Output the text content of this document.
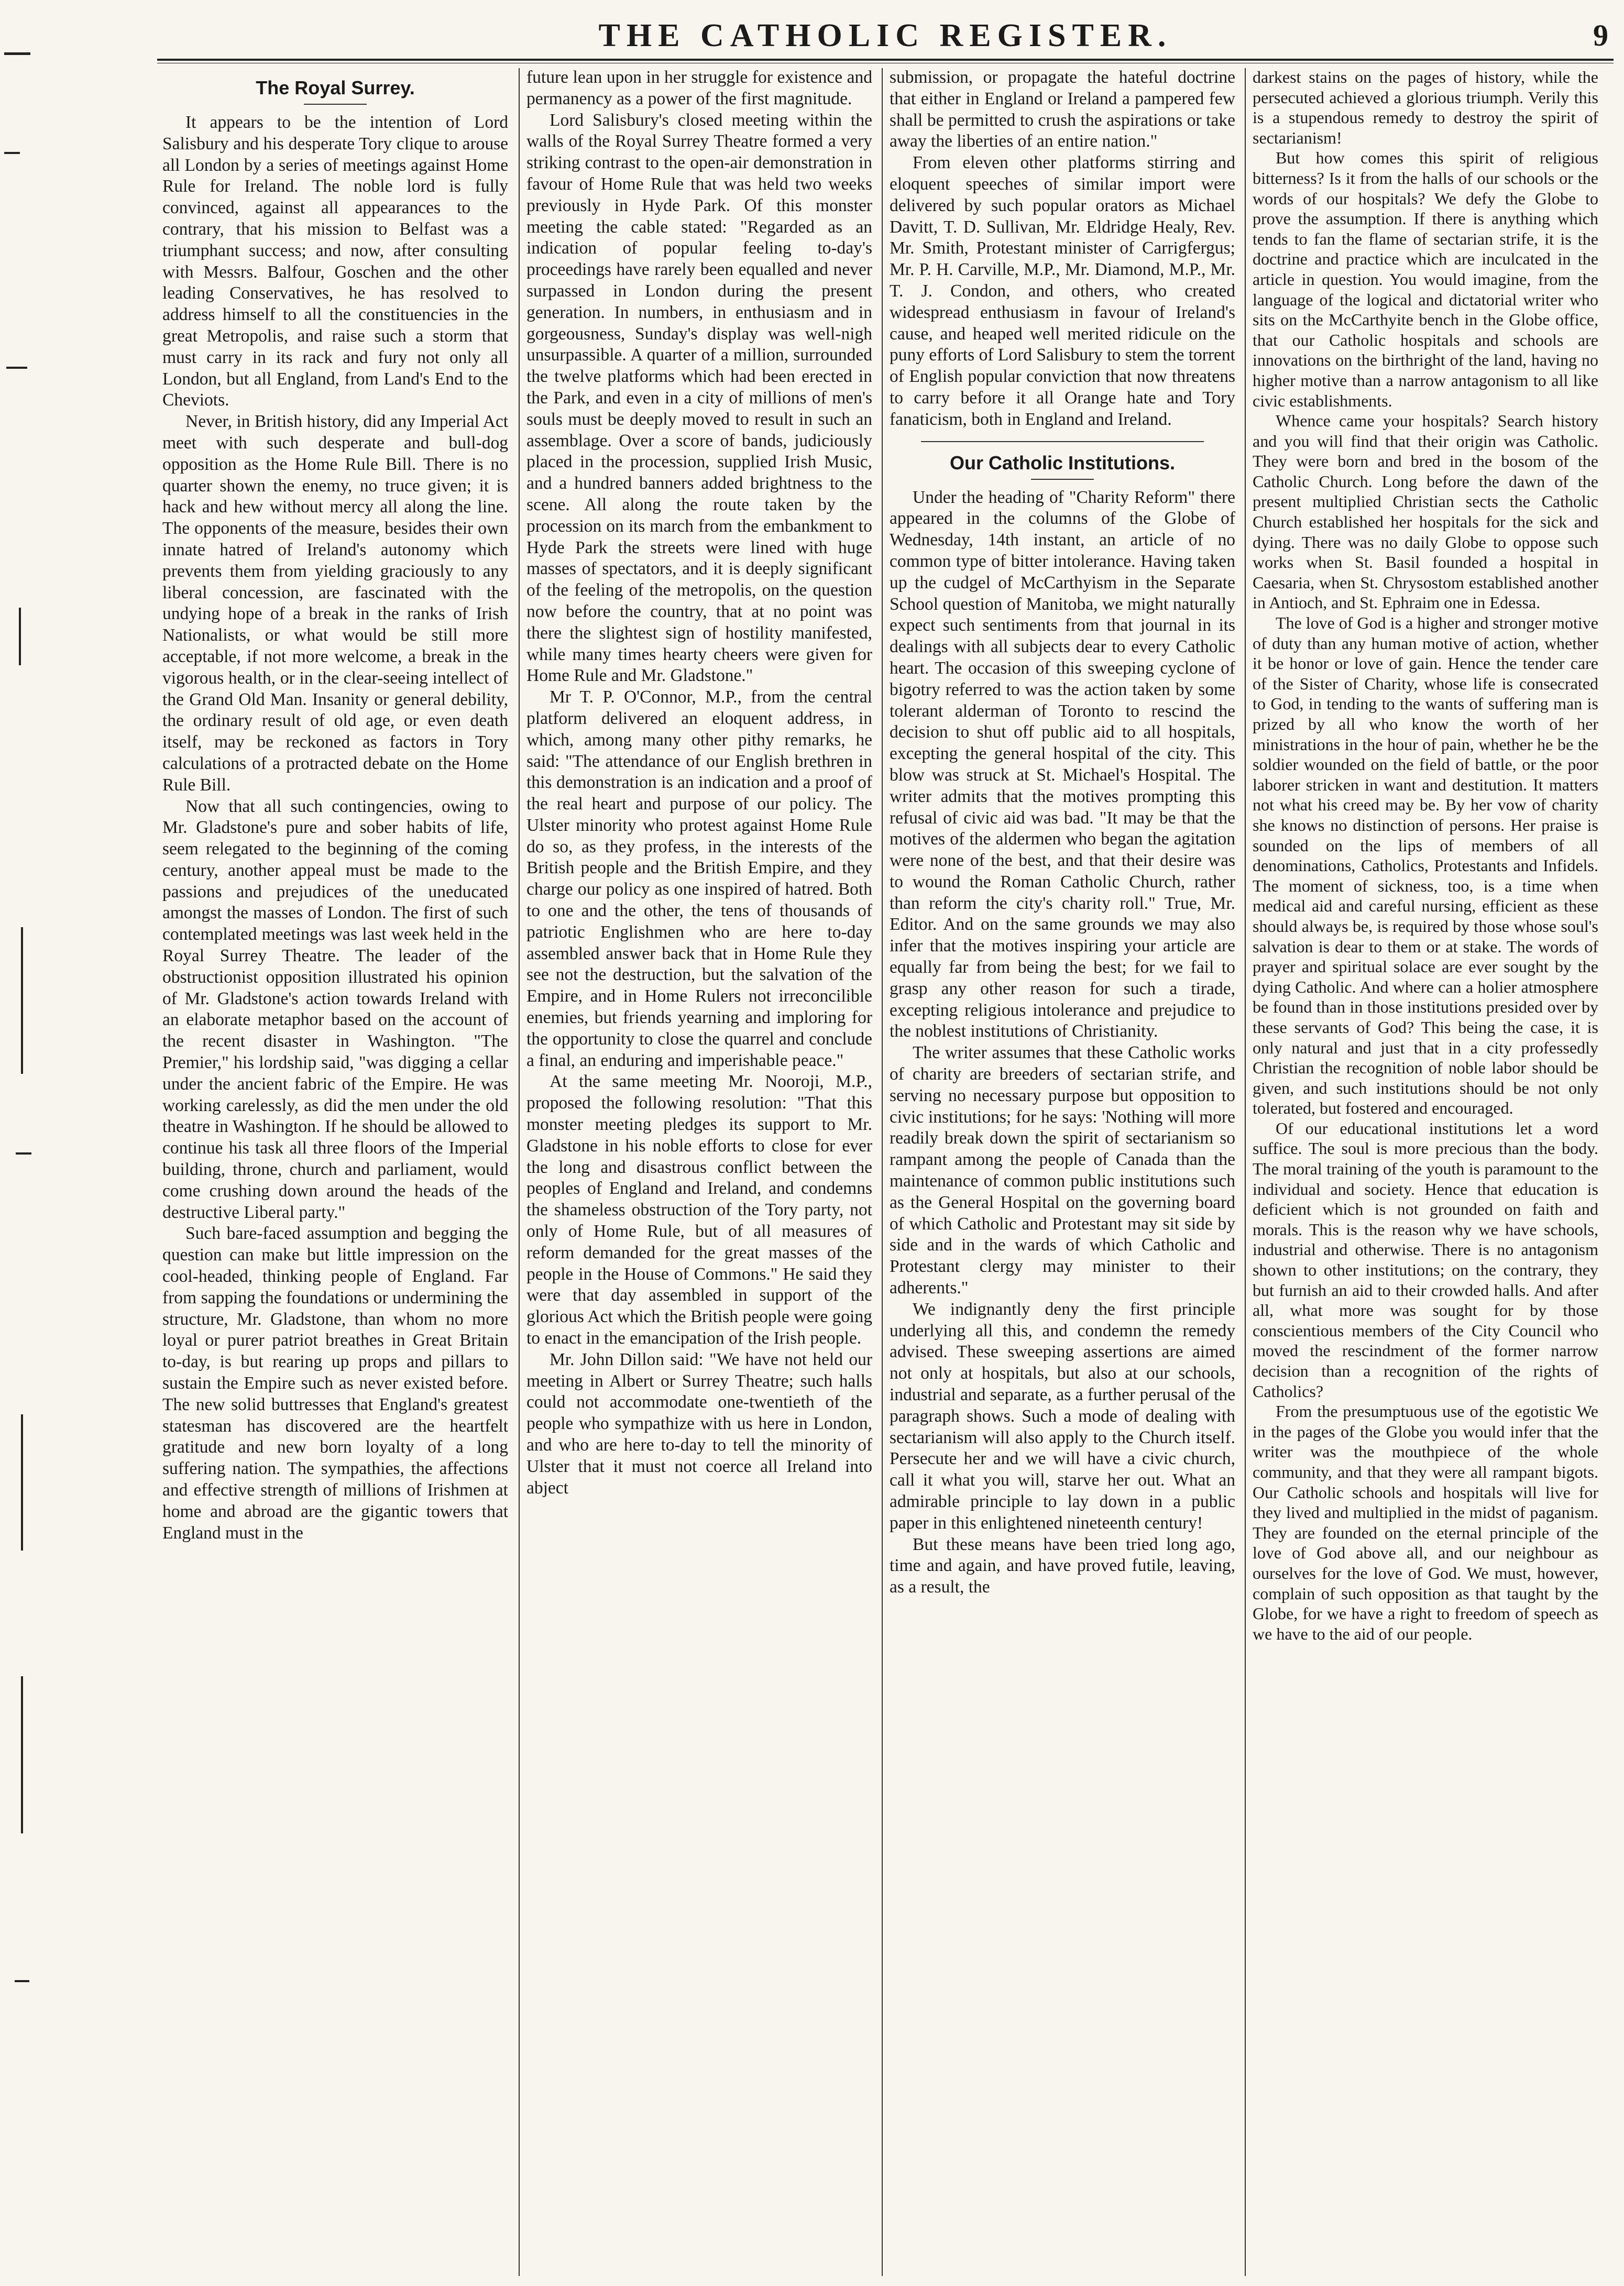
THE CATHOLIC REGISTER.	9
The Royal Surrey.

It appears to be the intention of Lord Salisbury and his desperate Tory clique to arouse all London by a series of meetings against Home Rule for Ireland. The noble lord is fully convinced, against all appearances to the contrary, that his mission to Belfast was a triumphant success; and now, after consulting with Messrs. Balfour, Goschen and the other leading Conservatives, he has resolved to address himself to all the constituencies in the great Metropolis, and raise such a storm that must carry in its rack and fury not only all London, but all England, from Land's End to the Cheviots.

Never, in British history, did any Imperial Act meet with such desperate and bull-dog opposition as the Home Rule Bill. There is no quarter shown the enemy, no truce given; it is hack and hew without mercy all along the line. The opponents of the measure, besides their own innate hatred of Ireland's autonomy which prevents them from yielding graciously to any liberal concession, are fascinated with the undying hope of a break in the ranks of Irish Nationalists, or what would be still more acceptable, if not more welcome, a break in the vigorous health, or in the clear-seeing intellect of the Grand Old Man. Insanity or general debility, the ordinary result of old age, or even death itself, may be reckoned as factors in Tory calculations of a protracted debate on the Home Rule Bill.

Now that all such contingencies, owing to Mr. Gladstone's pure and sober habits of life, seem relegated to the beginning of the coming century, another appeal must be made to the passions and prejudices of the uneducated amongst the masses of London. The first of such contemplated meetings was last week held in the Royal Surrey Theatre. The leader of the obstructionist opposition illustrated his opinion of Mr. Gladstone's action towards Ireland with an elaborate metaphor based on the account of the recent disaster in Washington. "The Premier," his lordship said, "was digging a cellar under the ancient fabric of the Empire. He was working carelessly, as did the men under the old theatre in Washington. If he should be allowed to continue his task all three floors of the Imperial building, throne, church and parliament, would come crushing down around the heads of the destructive Liberal party."

Such bare-faced assumption and begging the question can make but little impression on the cool-headed, thinking people of England. Far from sapping the foundations or undermining the structure, Mr. Gladstone, than whom no more loyal or purer patriot breathes in Great Britain to-day, is but rearing up props and pillars to sustain the Empire such as never existed before. The new solid buttresses that England's greatest statesman has discovered are the heartfelt gratitude and new born loyalty of a long suffering nation. The sympathies, the affections and effective strength of millions of Irishmen at home and abroad are the gigantic towers that England must in the

future lean upon in her struggle for existence and permanency as a power of the first magnitude.

Lord Salisbury's closed meeting within the walls of the Royal Surrey Theatre formed a very striking contrast to the open-air demonstration in favour of Home Rule that was held two weeks previously in Hyde Park. Of this monster meeting the cable stated: "Regarded as an indication of popular feeling to-day's proceedings have rarely been equalled and never surpassed in London during the present generation. In numbers, in enthusiasm and in gorgeousness, Sunday's display was well-nigh unsurpassible. A quarter of a million, surrounded the twelve platforms which had been erected in the Park, and even in a city of millions of men's souls must be deeply moved to result in such an assemblage. Over a score of bands, judiciously placed in the procession, supplied Irish Music, and a hundred banners added brightness to the scene. All along the route taken by the procession on its march from the embankment to Hyde Park the streets were lined with huge masses of spectators, and it is deeply significant of the feeling of the metropolis, on the question now before the country, that at no point was there the slightest sign of hostility manifested, while many times hearty cheers were given for Home Rule and Mr. Gladstone."

Mr T. P. O'Connor, M.P., from the central platform delivered an eloquent address, in which, among many other pithy remarks, he said: "The attendance of our English brethren in this demonstration is an indication and a proof of the real heart and purpose of our policy. The Ulster minority who protest against Home Rule do so, as they profess, in the interests of the British people and the British Empire, and they charge our policy as one inspired of hatred. Both to one and the other, the tens of thousands of patriotic Englishmen who are here to-day assembled answer back that in Home Rule they see not the destruction, but the salvation of the Empire, and in Home Rulers not irreconcilible enemies, but friends yearning and imploring for the opportunity to close the quarrel and conclude a final, an enduring and imperishable peace."

At the same meeting Mr. Nooroji, M.P., proposed the following resolution: "That this monster meeting pledges its support to Mr. Gladstone in his noble efforts to close for ever the long and disastrous conflict between the peoples of England and Ireland, and condemns the shameless obstruction of the Tory party, not only of Home Rule, but of all measures of reform demanded for the great masses of the people in the House of Commons." He said they were that day assembled in support of the glorious Act which the British people were going to enact in the emancipation of the Irish people.

Mr. John Dillon said: "We have not held our meeting in Albert or Surrey Theatre; such halls could not accommodate one-twentieth of the people who sympathize with us here in London, and who are here to-day to tell the minority of Ulster that it must not coerce all Ireland into abject

submission, or propagate the hateful doctrine that either in England or Ireland a pampered few shall be permitted to crush the aspirations or take away the liberties of an entire nation."

From eleven other platforms stirring and eloquent speeches of similar import were delivered by such popular orators as Michael Davitt, T. D. Sullivan, Mr. Eldridge Healy, Rev. Mr. Smith, Protestant minister of Carrigfergus; Mr. P. H. Carville, M.P., Mr. Diamond, M.P., Mr. T. J. Condon, and others, who created widespread enthusiasm in favour of Ireland's cause, and heaped well merited ridicule on the puny efforts of Lord Salisbury to stem the torrent of English popular conviction that now threatens to carry before it all Orange hate and Tory fanaticism, both in England and Ireland.

Our Catholic Institutions.

Under the heading of "Charity Reform" there appeared in the columns of the Globe of Wednesday, 14th instant, an article of no common type of bitter intolerance. Having taken up the cudgel of McCarthyism in the Separate School question of Manitoba, we might naturally expect such sentiments from that journal in its dealings with all subjects dear to every Catholic heart. The occasion of this sweeping cyclone of bigotry referred to was the action taken by some tolerant alderman of Toronto to rescind the decision to shut off public aid to all hospitals, excepting the general hospital of the city. This blow was struck at St. Michael's Hospital. The writer admits that the motives prompting this refusal of civic aid was bad. "It may be that the motives of the aldermen who began the agitation were none of the best, and that their desire was to wound the Roman Catholic Church, rather than reform the city's charity roll." True, Mr. Editor. And on the same grounds we may also infer that the motives inspiring your article are equally far from being the best; for we fail to grasp any other reason for such a tirade, excepting religious intolerance and prejudice to the noblest institutions of Christianity.

The writer assumes that these Catholic works of charity are breeders of sectarian strife, and serving no necessary purpose but opposition to civic institutions; for he says: 'Nothing will more readily break down the spirit of sectarianism so rampant among the people of Canada than the maintenance of common public institutions such as the General Hospital on the governing board of which Catholic and Protestant may sit side by side and in the wards of which Catholic and Protestant clergy may minister to their adherents."

We indignantly deny the first principle underlying all this, and condemn the remedy advised. These sweeping assertions are aimed not only at hospitals, but also at our schools, industrial and separate, as a further perusal of the paragraph shows. Such a mode of dealing with sectarianism will also apply to the Church itself. Persecute her and we will have a civic church, call it what you will, starve her out. What an admirable principle to lay down in a public paper in this enlightened nineteenth century!

But these means have been tried long ago, time and again, and have proved futile, leaving, as a result, the

darkest stains on the pages of history, while the persecuted achieved a glorious triumph. Verily this is a stupendous remedy to destroy the spirit of sectarianism!

But how comes this spirit of religious bitterness? Is it from the halls of our schools or the words of our hospitals? We defy the Globe to prove the assumption. If there is anything which tends to fan the flame of sectarian strife, it is the doctrine and practice which are inculcated in the article in question. You would imagine, from the language of the logical and dictatorial writer who sits on the McCarthyite bench in the Globe office, that our Catholic hospitals and schools are innovations on the birthright of the land, having no higher motive than a narrow antagonism to all like civic establishments.

Whence came your hospitals? Search history and you will find that their origin was Catholic. They were born and bred in the bosom of the Catholic Church. Long before the dawn of the present multiplied Christian sects the Catholic Church established her hospitals for the sick and dying. There was no daily Globe to oppose such works when St. Basil founded a hospital in Caesaria, when St. Chrysostom established another in Antioch, and St. Ephraim one in Edessa.

The love of God is a higher and stronger motive of duty than any human motive of action, whether it be honor or love of gain. Hence the tender care of the Sister of Charity, whose life is consecrated to God, in tending to the wants of suffering man is prized by all who know the worth of her ministrations in the hour of pain, whether he be the soldier wounded on the field of battle, or the poor laborer stricken in want and destitution. It matters not what his creed may be. By her vow of charity she knows no distinction of persons. Her praise is sounded on the lips of members of all denominations, Catholics, Protestants and Infidels. The moment of sickness, too, is a time when medical aid and careful nursing, efficient as these should always be, is required by those whose soul's salvation is dear to them or at stake. The words of prayer and spiritual solace are ever sought by the dying Catholic. And where can a holier atmosphere be found than in those institutions presided over by these servants of God? This being the case, it is only natural and just that in a city professedly Christian the recognition of noble labor should be given, and such institutions should be not only tolerated, but fostered and encouraged.

Of our educational institutions let a word suffice. The soul is more precious than the body. The moral training of the youth is paramount to the individual and society. Hence that education is deficient which is not grounded on faith and morals. This is the reason why we have schools, industrial and otherwise. There is no antagonism shown to other institutions; on the contrary, they but furnish an aid to their crowded halls. And after all, what more was sought for by those conscientious members of the City Council who moved the rescindment of the former narrow decision than a recognition of the rights of Catholics?

From the presumptuous use of the egotistic We in the pages of the Globe you would infer that the writer was the mouthpiece of the whole community, and that they were all rampant bigots. Our Catholic schools and hospitals will live for they lived and multiplied in the midst of paganism. They are founded on the eternal principle of the love of God above all, and our neighbour as ourselves for the love of God. We must, however, complain of such opposition as that taught by the Globe, for we have a right to freedom of speech as we have to the aid of our people.
